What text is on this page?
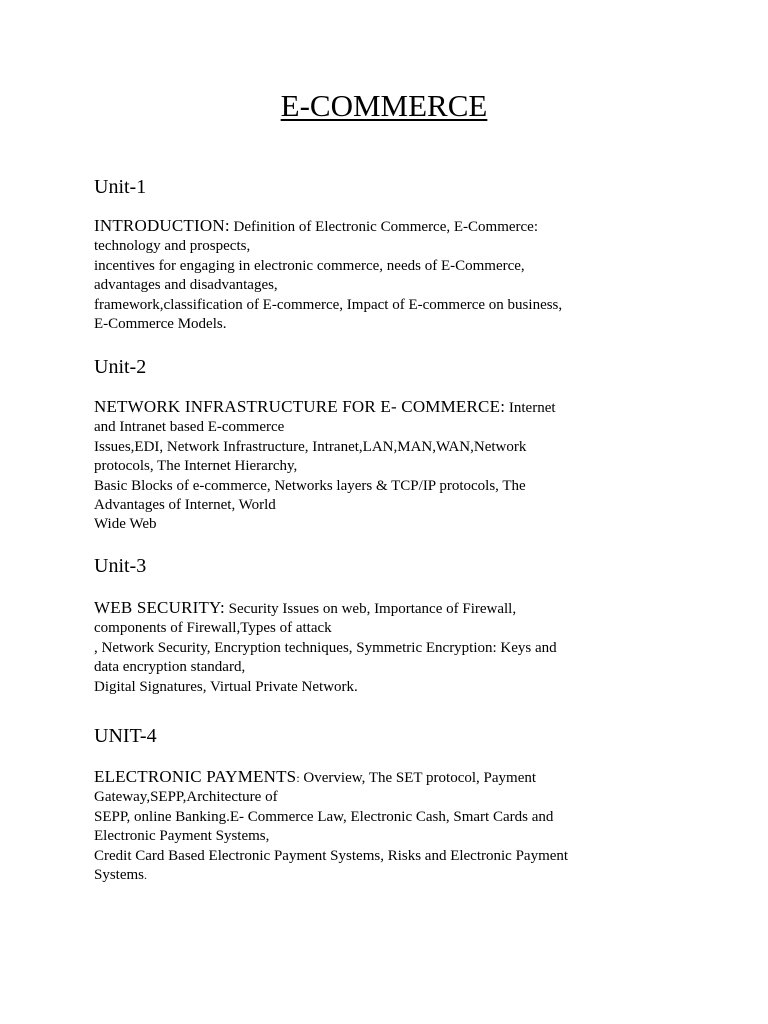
E-COMMERCE
Unit-1
INTRODUCTION: Definition of Electronic Commerce, E-Commerce:
technology and prospects,
incentives for engaging in electronic commerce, needs of E-Commerce,
advantages and disadvantages,
framework,classification of E-commerce, Impact of E-commerce on business,
E-Commerce Models.
Unit-2
NETWORK INFRASTRUCTURE FOR E- COMMERCE: Internet
and Intranet based E-commerce
Issues,EDI, Network Infrastructure, Intranet,LAN,MAN,WAN,Network
protocols, The Internet Hierarchy,
Basic Blocks of e-commerce, Networks layers & TCP/IP protocols, The
Advantages of Internet, World
Wide Web
Unit-3
WEB SECURITY: Security Issues on web, Importance of Firewall,
components of Firewall,Types of attack
, Network Security, Encryption techniques, Symmetric Encryption: Keys and
data encryption standard,
Digital Signatures, Virtual Private Network.
UNIT-4
ELECTRONIC PAYMENTS: Overview, The SET protocol, Payment
Gateway,SEPP,Architecture of
SEPP, online Banking.E- Commerce Law, Electronic Cash, Smart Cards and
Electronic Payment Systems,
Credit Card Based Electronic Payment Systems, Risks and Electronic Payment
Systems.
